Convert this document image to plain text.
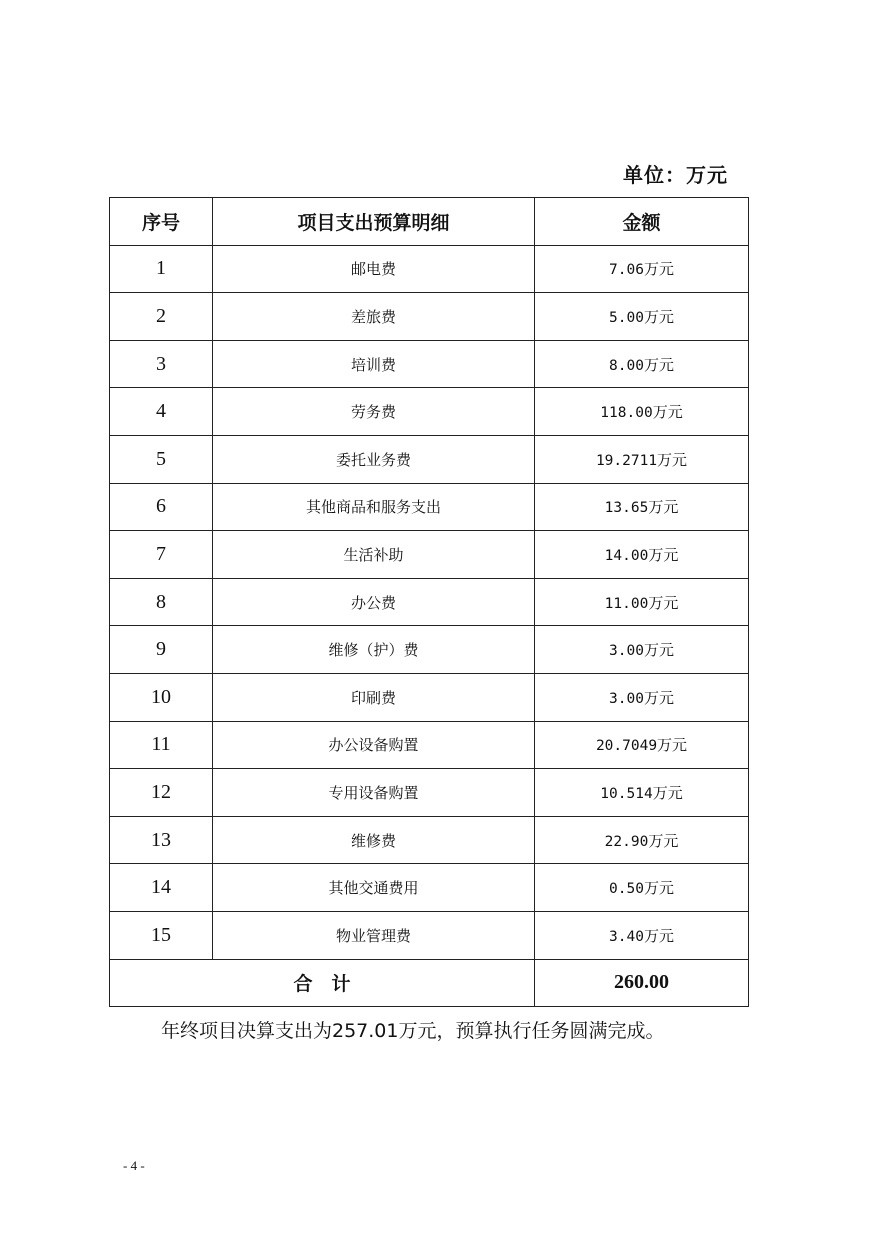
单位：万元
序号	项目支出预算明细	金额
1	邮电费	7.06万元
2	差旅费	5.00万元
3	培训费	8.00万元
4	劳务费	118.00万元
5	委托业务费	19.2711万元
6	其他商品和服务支出	13.65万元
7	生活补助	14.00万元
8	办公费	11.00万元
9	维修（护）费	3.00万元
10	印刷费	3.00万元
11	办公设备购置	20.7049万元
12	专用设备购置	10.514万元
13	维修费	22.90万元
14	其他交通费用	0.50万元
15	物业管理费	3.40万元
合　计		260.00
年终项目决算支出为257.01万元，预算执行任务圆满完成。
- 4 -
